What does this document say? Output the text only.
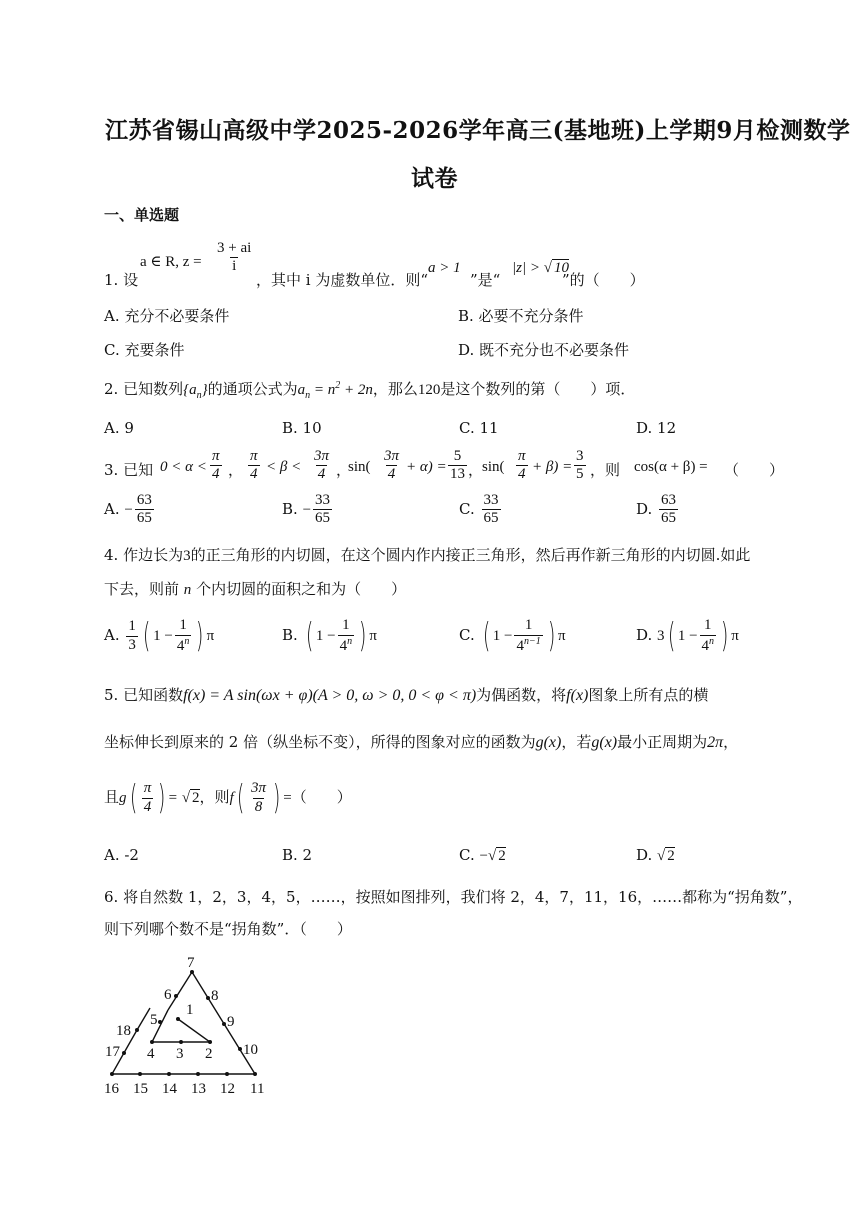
江苏省锡山高级中学2025-2026学年高三(基地班)上学期9月检测数学
试卷
一、单选题
1. 设
a ∈ R, $z = \frac{3 + ai}{i}$
，其中 i 为虚数单位．则“
a > 1
”是“
|z| > √ 10
”的（　　）
A. 充分不必要条件	B. 必要不充分条件
C. 充要条件	D. 既不充分也不必要条件
2. 已知数列$\{a_n\}$的通项公式为$a_n = n^2 + 2n$，那么120是这个数列的第（　　）项．
A. 9	B. 10	C. 11	D. 12
3. 已知 $0 < \alpha < \frac{\pi}{4}$ ， $\frac{\pi}{4} < \beta < \frac{3\pi}{4}$ ，
$\sin( \frac{3\pi}{4} + \alpha) = \frac{5}{13}$ ，
$\sin( \frac{\pi}{4} + \beta) = \frac{3}{5}$ ，则 cos(α + β) = （　　）
A. − $\frac{63}{65}$	B. − $\frac{33}{65}$	C. $\frac{33}{65}$	D. $\frac{63}{65}$
4. 作边长为3的正三角形的内切圆，在这个圆内作内接正三角形，然后再作新三角形的内切圆.如此
下去，则前 n 个内切圆的面积之和为（　　）
A. $\frac{1}{3}$ ( $1 - \frac{1}{4^n}$ ) π	B. ( $1 - \frac{1}{4^n}$ ) π	C. ( $1 - \frac{1}{4^{n-1}}$ ) π	D. 3( $1 - \frac{1}{4^n}$ ) π
5. 已知函数f(x) = A sin(ωx + φ)(A > 0, ω > 0, 0 < φ < π)为偶函数，将f(x)图象上所有点的横
坐标伸长到原来的 2 倍（纵坐标不变），所得的图象对应的函数为g(x)，若g(x)最小正周期为2π，
且$g( \frac{\pi}{4}$ ) = √ 2，则$f( \frac{3\pi}{8}$ ) =（　　）
A. -2	B. 2	C. −√ 2	D. √ 2
6. 将自然数 1，2，3，4，5，……，按照如图排列，我们将 2，4，7，11，16，……都称为“拐角数”，
则下列哪个数不是“拐角数”．（　　）
1
2
3
4
5
6
7
8
9
10
11
12
13
14
15
16
17
18
